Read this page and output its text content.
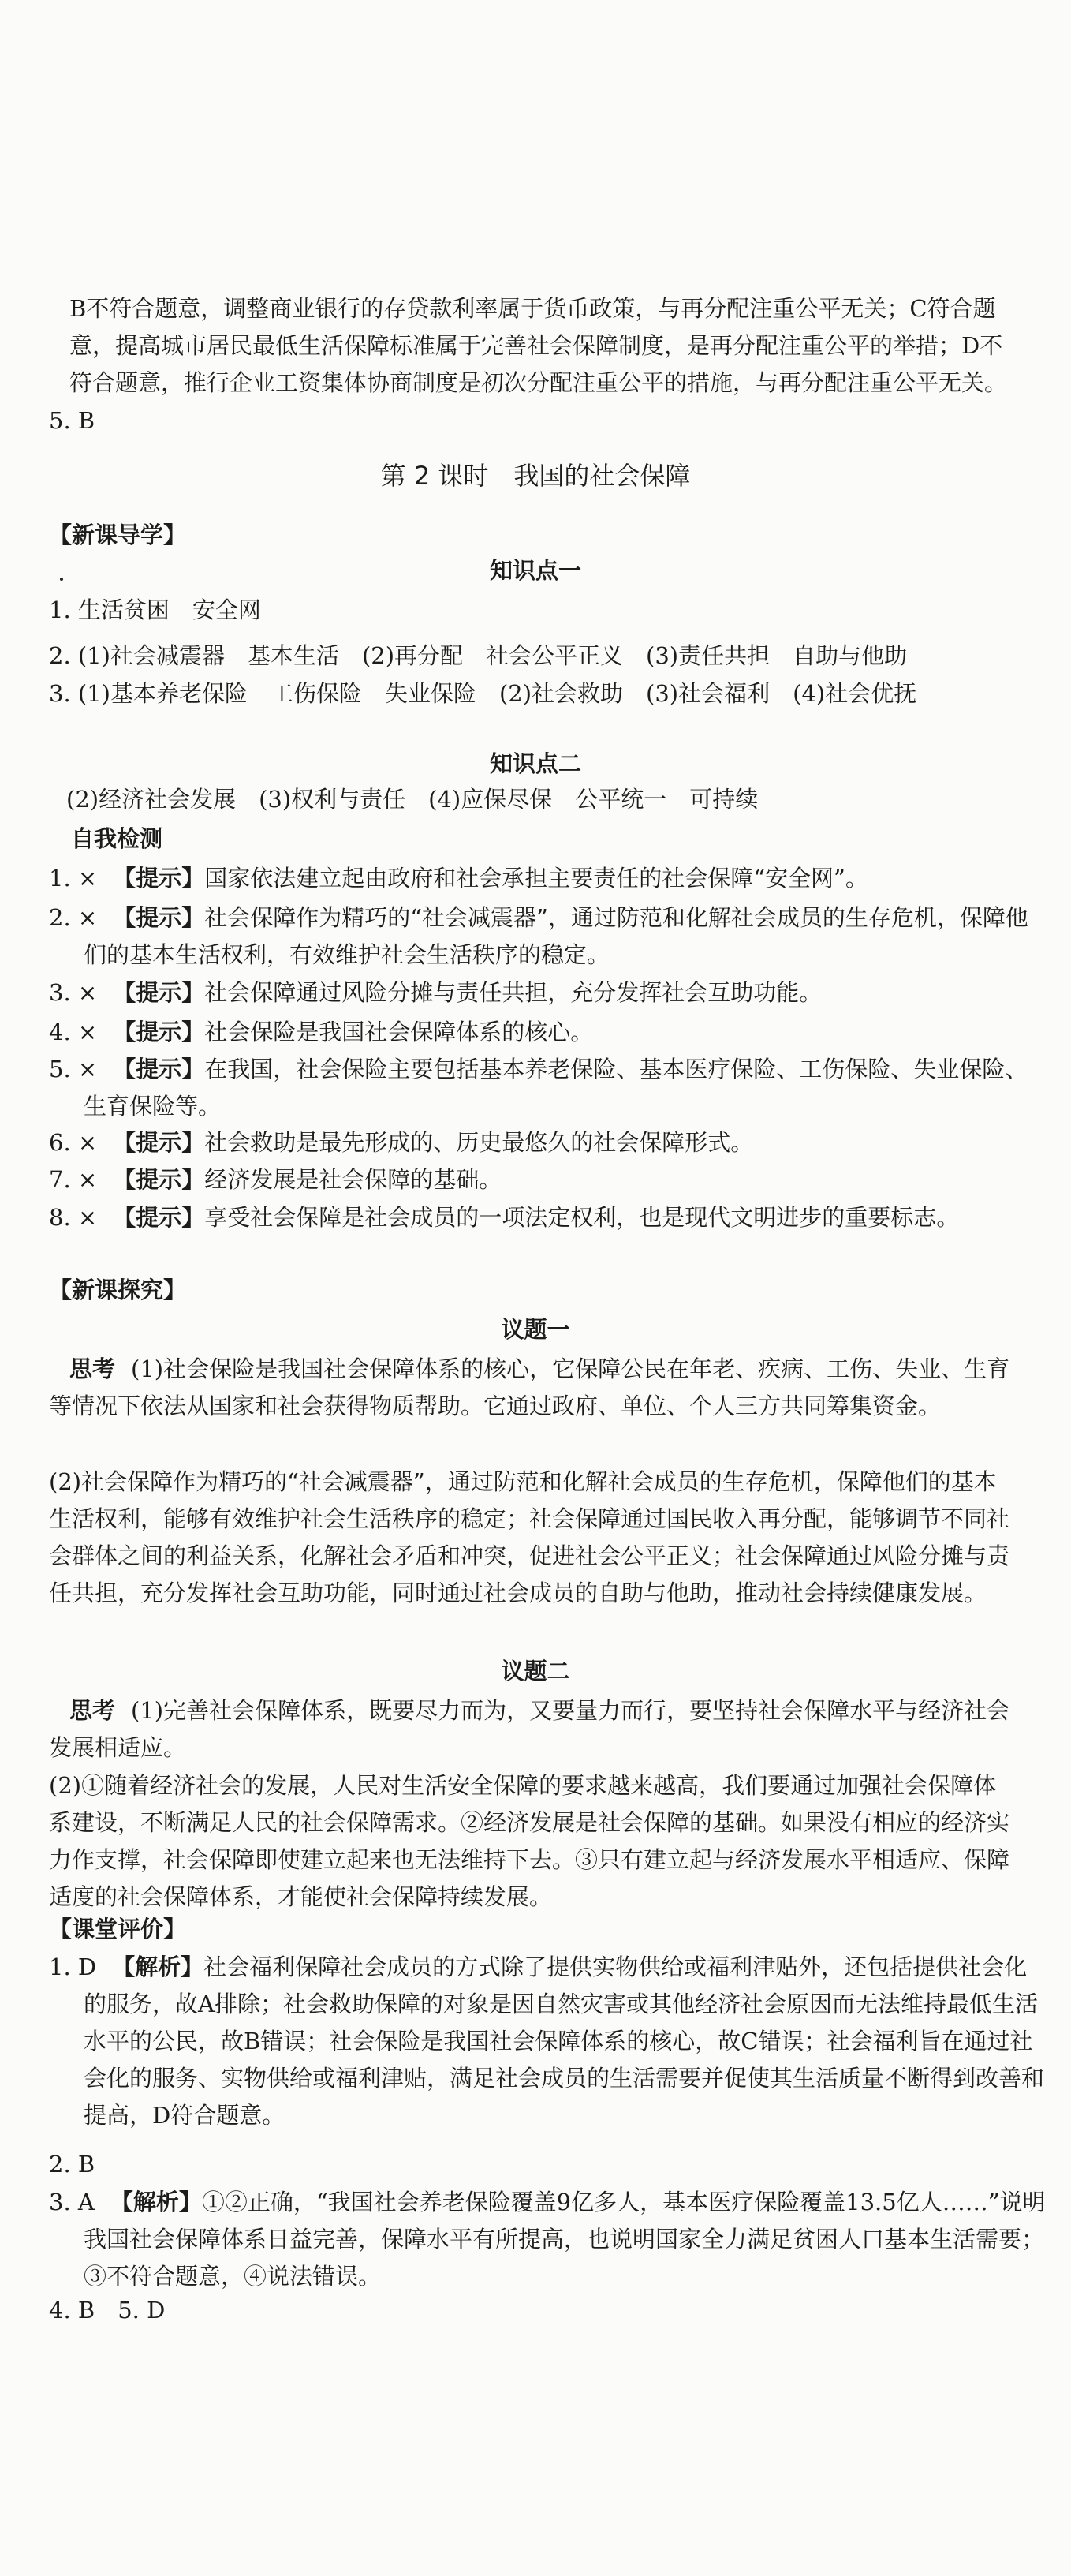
B不符合题意，调整商业银行的存贷款利率属于货币政策，与再分配注重公平无关；C符合题意，提高城市居民最低生活保障标准属于完善社会保障制度，是再分配注重公平的举措；D不符合题意，推行企业工资集体协商制度是初次分配注重公平的措施，与再分配注重公平无关。
5. B
第 2 课时　我国的社会保障
【新课导学】
知识点一
1. 生活贫困　安全网
2. (1)社会减震器　基本生活　(2)再分配　社会公平正义　(3)责任共担　自助与他助
3. (1)基本养老保险　工伤保险　失业保险　(2)社会救助　(3)社会福利　(4)社会优抚
知识点二
(2)经济社会发展　(3)权利与责任　(4)应保尽保　公平统一　可持续
自我检测
1. × 【提示】国家依法建立起由政府和社会承担主要责任的社会保障“安全网”。
2. × 【提示】社会保障作为精巧的“社会减震器”，通过防范和化解社会成员的生存危机，保障他们的基本生活权利，有效维护社会生活秩序的稳定。
3. × 【提示】社会保障通过风险分摊与责任共担，充分发挥社会互助功能。
4. × 【提示】社会保险是我国社会保障体系的核心。
5. × 【提示】在我国，社会保险主要包括基本养老保险、基本医疗保险、工伤保险、失业保险、生育保险等。
6. × 【提示】社会救助是最先形成的、历史最悠久的社会保障形式。
7. × 【提示】经济发展是社会保障的基础。
8. × 【提示】享受社会保障是社会成员的一项法定权利，也是现代文明进步的重要标志。
【新课探究】
议题一
思考 (1)社会保险是我国社会保障体系的核心，它保障公民在年老、疾病、工伤、失业、生育等情况下依法从国家和社会获得物质帮助。它通过政府、单位、个人三方共同筹集资金。
(2)社会保障作为精巧的“社会减震器”，通过防范和化解社会成员的生存危机，保障他们的基本生活权利，能够有效维护社会生活秩序的稳定；社会保障通过国民收入再分配，能够调节不同社会群体之间的利益关系，化解社会矛盾和冲突，促进社会公平正义；社会保障通过风险分摊与责任共担，充分发挥社会互助功能，同时通过社会成员的自助与他助，推动社会持续健康发展。
议题二
思考 (1)完善社会保障体系，既要尽力而为，又要量力而行，要坚持社会保障水平与经济社会发展相适应。
(2)①随着经济社会的发展，人民对生活安全保障的要求越来越高，我们要通过加强社会保障体系建设，不断满足人民的社会保障需求。②经济发展是社会保障的基础。如果没有相应的经济实力作支撑，社会保障即使建立起来也无法维持下去。③只有建立起与经济发展水平相适应、保障适度的社会保障体系，才能使社会保障持续发展。
【课堂评价】
1. D 【解析】社会福利保障社会成员的方式除了提供实物供给或福利津贴外，还包括提供社会化的服务，故A排除；社会救助保障的对象是因自然灾害或其他经济社会原因而无法维持最低生活水平的公民，故B错误；社会保险是我国社会保障体系的核心，故C错误；社会福利旨在通过社会化的服务、实物供给或福利津贴，满足社会成员的生活需要并促使其生活质量不断得到改善和提高，D符合题意。
2. B
3. A 【解析】①②正确，“我国社会养老保险覆盖9亿多人，基本医疗保险覆盖13.5亿人……”说明我国社会保障体系日益完善，保障水平有所提高，也说明国家全力满足贫困人口基本生活需要；③不符合题意，④说法错误。
4. B　5. D
